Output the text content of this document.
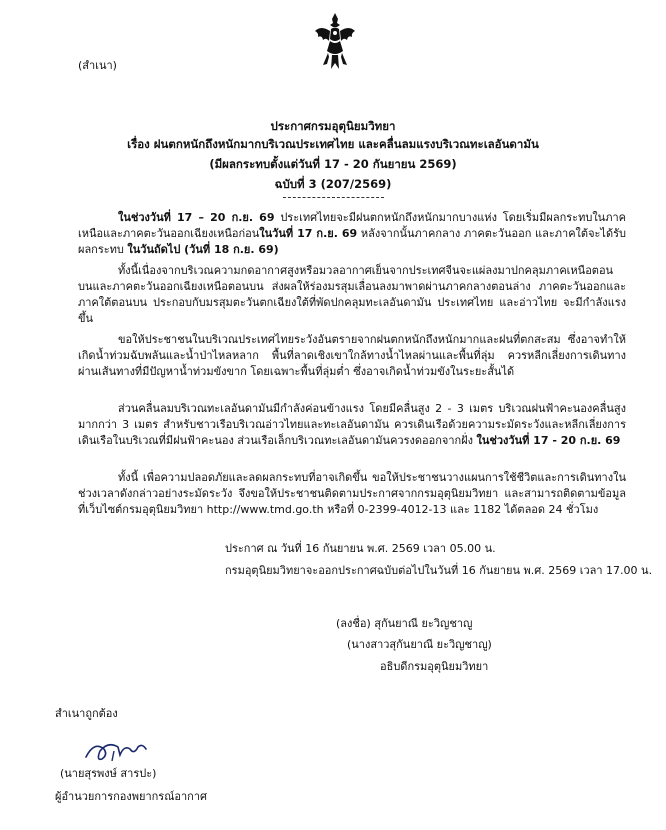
(สำเนา)
ประกาศกรมอุตุนิยมวิทยา
เรื่อง ฝนตกหนักถึงหนักมากบริเวณประเทศไทย และคลื่นลมแรงบริเวณทะเลอันดามัน
(มีผลกระทบตั้งแต่วันที่ 17 - 20 กันยายน 2569)
ฉบับที่ 3 (207/2569)

ในช่วงวันที่ 17 – 20 ก.ย. 69 ประเทศไทยจะมีฝนตกหนักถึงหนักมากบางแห่ง โดยเริ่มมีผลกระทบในภาคเหนือและภาคตะวันออกเฉียงเหนือก่อนในวันที่ 17 ก.ย. 69 หลังจากนั้นภาคกลาง ภาคตะวันออก และภาคใต้จะได้รับผลกระทบ ในวันถัดไป (วันที่ 18 ก.ย. 69)

ทั้งนี้เนื่องจากบริเวณความกดอากาศสูงหรือมวลอากาศเย็นจากประเทศจีนจะแผ่ลงมาปกคลุมภาคเหนือตอนบนและภาคตะวันออกเฉียงเหนือตอนบน ส่งผลให้ร่องมรสุมเลื่อนลงมาพาดผ่านภาคกลางตอนล่าง ภาคตะวันออกและภาคใต้ตอนบน ประกอบกับมรสุมตะวันตกเฉียงใต้ที่พัดปกคลุมทะเลอันดามัน ประเทศไทย และอ่าวไทย จะมีกำลังแรงขึ้น

ขอให้ประชาชนในบริเวณประเทศไทยระวังอันตรายจากฝนตกหนักถึงหนักมากและฝนที่ตกสะสม ซึ่งอาจทำให้เกิดน้ำท่วมฉับพลันและน้ำป่าไหลหลาก พื้นที่ลาดเชิงเขาใกล้ทางน้ำไหลผ่านและพื้นที่ลุ่ม ควรหลีกเลี่ยงการเดินทางผ่านเส้นทางที่มีปัญหาน้ำท่วมขังขาก โดยเฉพาะพื้นที่ลุ่มต่ำ ซึ่งอาจเกิดน้ำท่วมขังในระยะสั้นได้

ส่วนคลื่นลมบริเวณทะเลอันดามันมีกำลังค่อนข้างแรง โดยมีคลื่นสูง 2 - 3 เมตร บริเวณฝนฟ้าคะนองคลื่นสูงมากกว่า 3 เมตร สำหรับชาวเรือบริเวณอ่าวไทยและทะเลอันดามัน ควรเดินเรือด้วยความระมัดระวังและหลีกเลี่ยงการเดินเรือในบริเวณที่มีฝนฟ้าคะนอง ส่วนเรือเล็กบริเวณทะเลอันดามันควรงดออกจากฝั่ง ในช่วงวันที่ 17 - 20 ก.ย. 69

ทั้งนี้ เพื่อความปลอดภัยและลดผลกระทบที่อาจเกิดขึ้น ขอให้ประชาชนวางแผนการใช้ชีวิตและการเดินทางในช่วงเวลาดังกล่าวอย่างระมัดระวัง จึงขอให้ประชาชนติดตามประกาศจากกรมอุตุนิยมวิทยา และสามารถติดตามข้อมูลที่เว็บไซต์กรมอุตุนิยมวิทยา http://www.tmd.go.th หรือที่ 0-2399-4012-13 และ 1182 ได้ตลอด 24 ชั่วโมง

ประกาศ ณ วันที่ 16 กันยายน พ.ศ. 2569 เวลา 05.00 น.
กรมอุตุนิยมวิทยาจะออกประกาศฉบับต่อไปในวันที่ 16 กันยายน พ.ศ. 2569 เวลา 17.00 น.
(ลงชื่อ) สุกันยาณี ยะวิญชาญู
(นางสาวสุกันยาณี ยะวิญชาญู)
อธิบดีกรมอุตุนิยมวิทยา
สำเนาถูกต้อง
(นายสุรพงษ์ สารปะ)
ผู้อำนวยการกองพยากรณ์อากาศ
